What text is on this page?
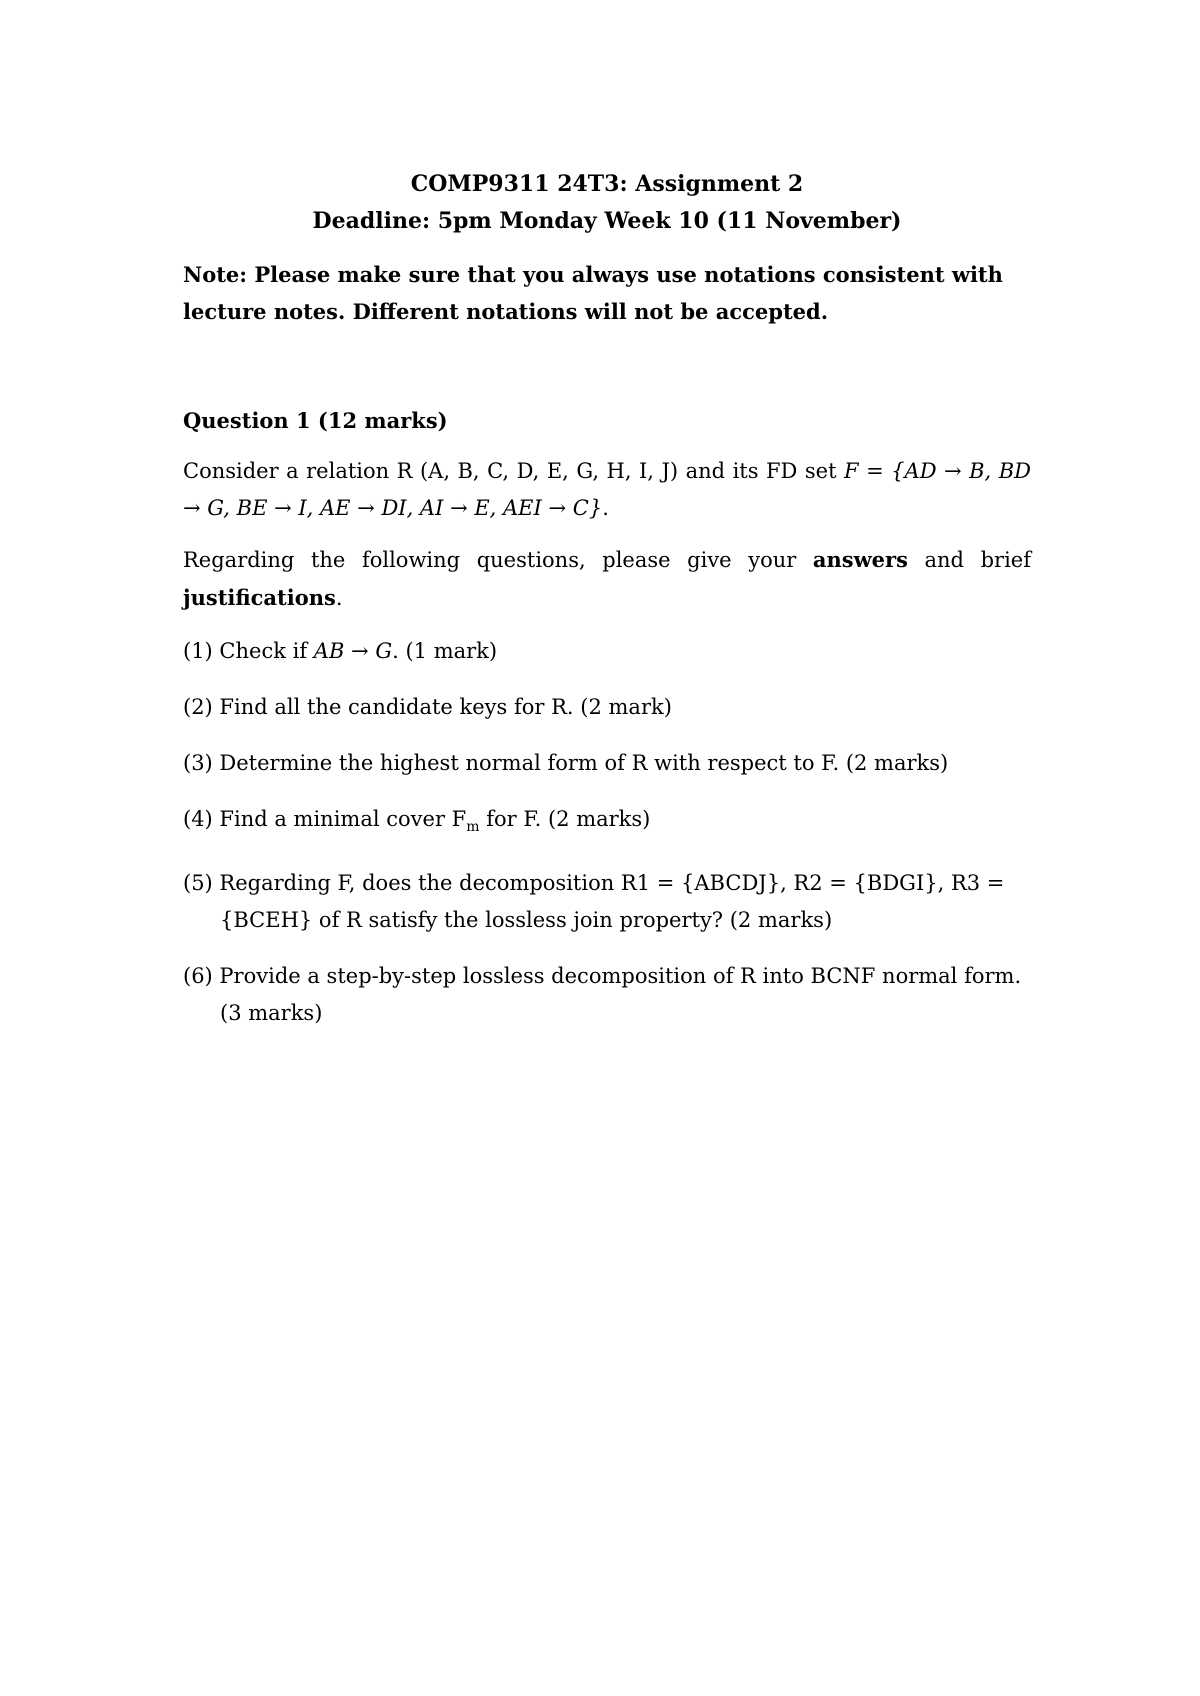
COMP9311 24T3: Assignment 2

Deadline: 5pm Monday Week 10 (11 November)

Note: Please make sure that you always use notations consistent with lecture notes. Different notations will not be accepted.

Question 1 (12 marks)

Consider a relation R (A, B, C, D, E, G, H, I, J) and its FD set F = {AD → B, BD → G, BE → I, AE → DI, AI → E, AEI → C}.

Regarding the following questions, please give your answers and brief justifications.

(1) Check if AB → G. (1 mark)
(2) Find all the candidate keys for R. (2 mark)
(3) Determine the highest normal form of R with respect to F. (2 marks)
(4) Find a minimal cover $F_m$ for F. (2 marks)
(5) Regarding F, does the decomposition R1 = {ABCDJ}, R2 = {BDGI}, R3 = {BCEH} of R satisfy the lossless join property? (2 marks)
(6) Provide a step-by-step lossless decomposition of R into BCNF normal form. (3 marks)
